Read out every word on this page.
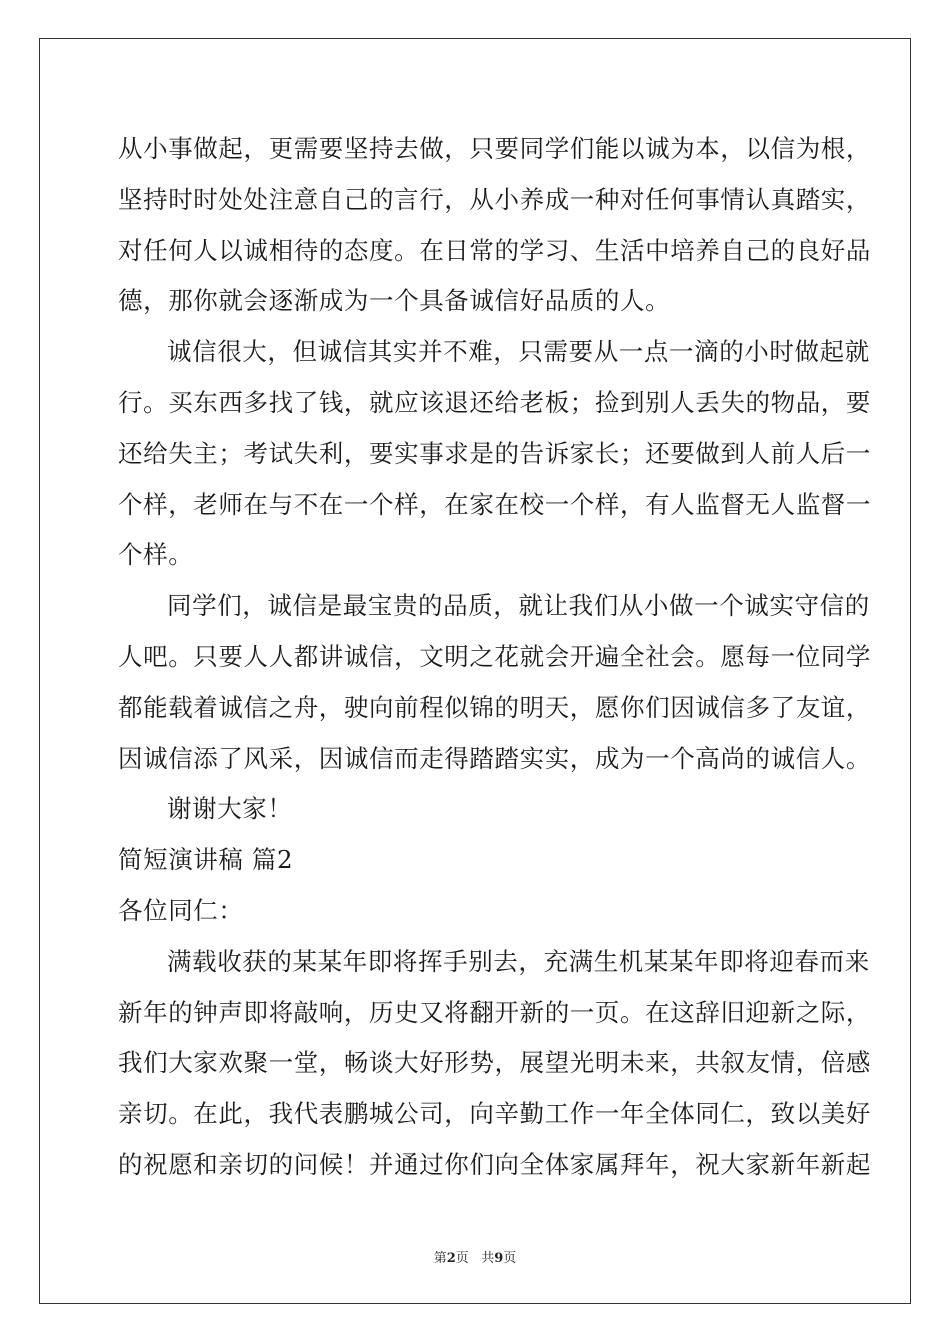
从小事做起，更需要坚持去做，只要同学们能以诚为本，以信为根，
坚持时时处处注意自己的言行，从小养成一种对任何事情认真踏实，
对任何人以诚相待的态度。在日常的学习、生活中培养自己的良好品
德，那你就会逐渐成为一个具备诚信好品质的人。
诚信很大，但诚信其实并不难，只需要从一点一滴的小时做起就
行。买东西多找了钱，就应该退还给老板；捡到别人丢失的物品，要
还给失主；考试失利，要实事求是的告诉家长；还要做到人前人后一
个样，老师在与不在一个样，在家在校一个样，有人监督无人监督一
个样。
同学们，诚信是最宝贵的品质，就让我们从小做一个诚实守信的
人吧。只要人人都讲诚信，文明之花就会开遍全社会。愿每一位同学
都能载着诚信之舟，驶向前程似锦的明天，愿你们因诚信多了友谊，
因诚信添了风采，因诚信而走得踏踏实实，成为一个高尚的诚信人。
谢谢大家！
简短演讲稿 篇2
各位同仁：
满载收获的某某年即将挥手别去，充满生机某某年即将迎春而来
新年的钟声即将敲响，历史又将翻开新的一页。在这辞旧迎新之际，
我们大家欢聚一堂，畅谈大好形势，展望光明未来，共叙友情，倍感
亲切。在此，我代表鹏城公司，向辛勤工作一年全体同仁，致以美好
的祝愿和亲切的问候！并通过你们向全体家属拜年，祝大家新年新起
第2页 共9页
